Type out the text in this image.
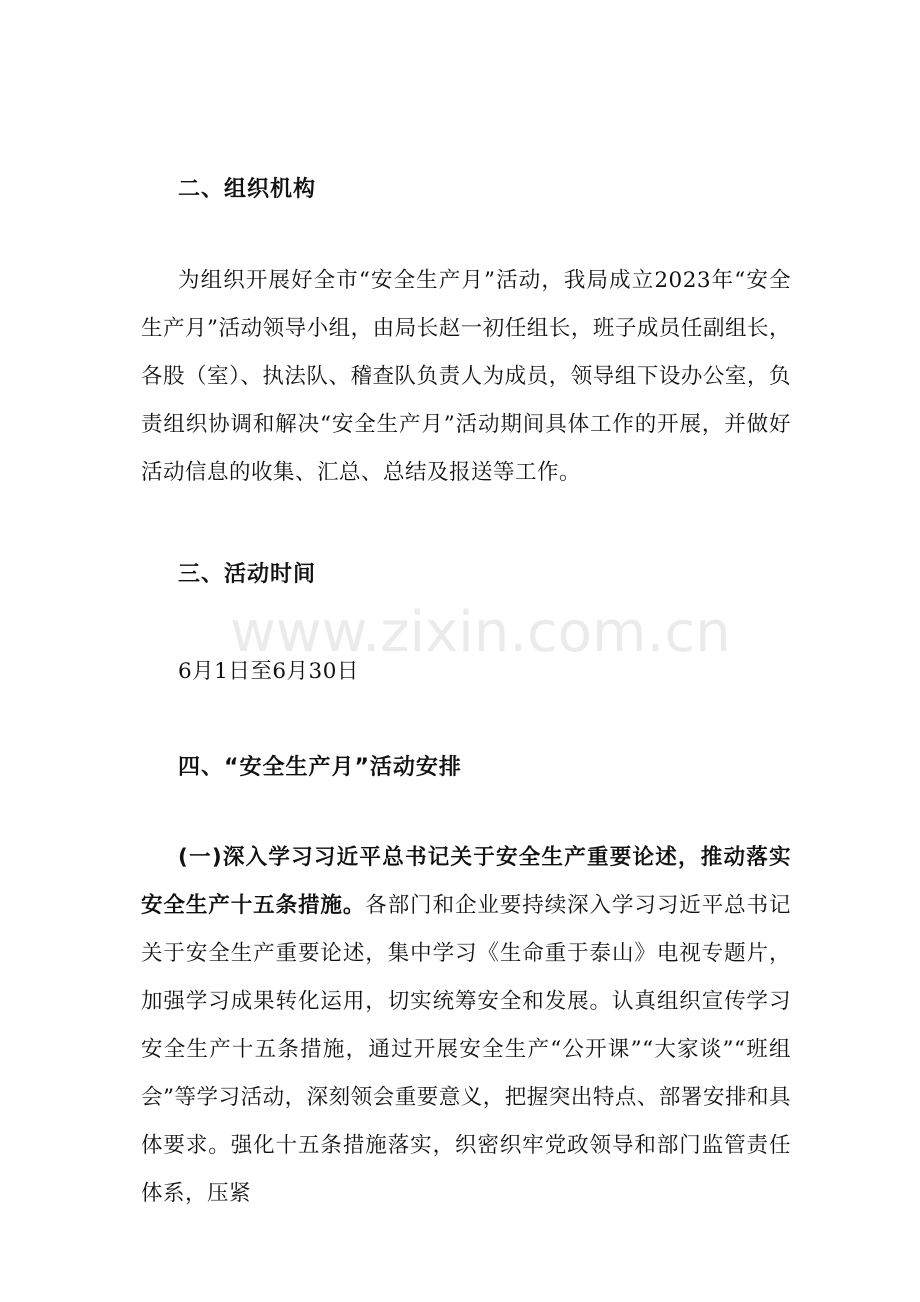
二、组织机构
为组织开展好全市“安全生产月”活动，我局成立2023年“安全生产月”活动领导小组，由局长赵一初任组长，班子成员任副组长，各股（室）、执法队、稽查队负责人为成员，领导组下设办公室，负责组织协调和解决“安全生产月”活动期间具体工作的开展，并做好活动信息的收集、汇总、总结及报送等工作。
三、活动时间
6月1日至6月30日
四、“安全生产月”活动安排
(一)深入学习习近平总书记关于安全生产重要论述，推动落实安全生产十五条措施。各部门和企业要持续深入学习习近平总书记关于安全生产重要论述，集中学习《生命重于泰山》电视专题片，加强学习成果转化运用，切实统筹安全和发展。认真组织宣传学习安全生产十五条措施，通过开展安全生产“公开课”“大家谈”“班组会”等学习活动，深刻领会重要意义，把握突出特点、部署安排和具体要求。强化十五条措施落实，织密织牢党政领导和部门监管责任体系，压紧
www.zixin.com.cn
